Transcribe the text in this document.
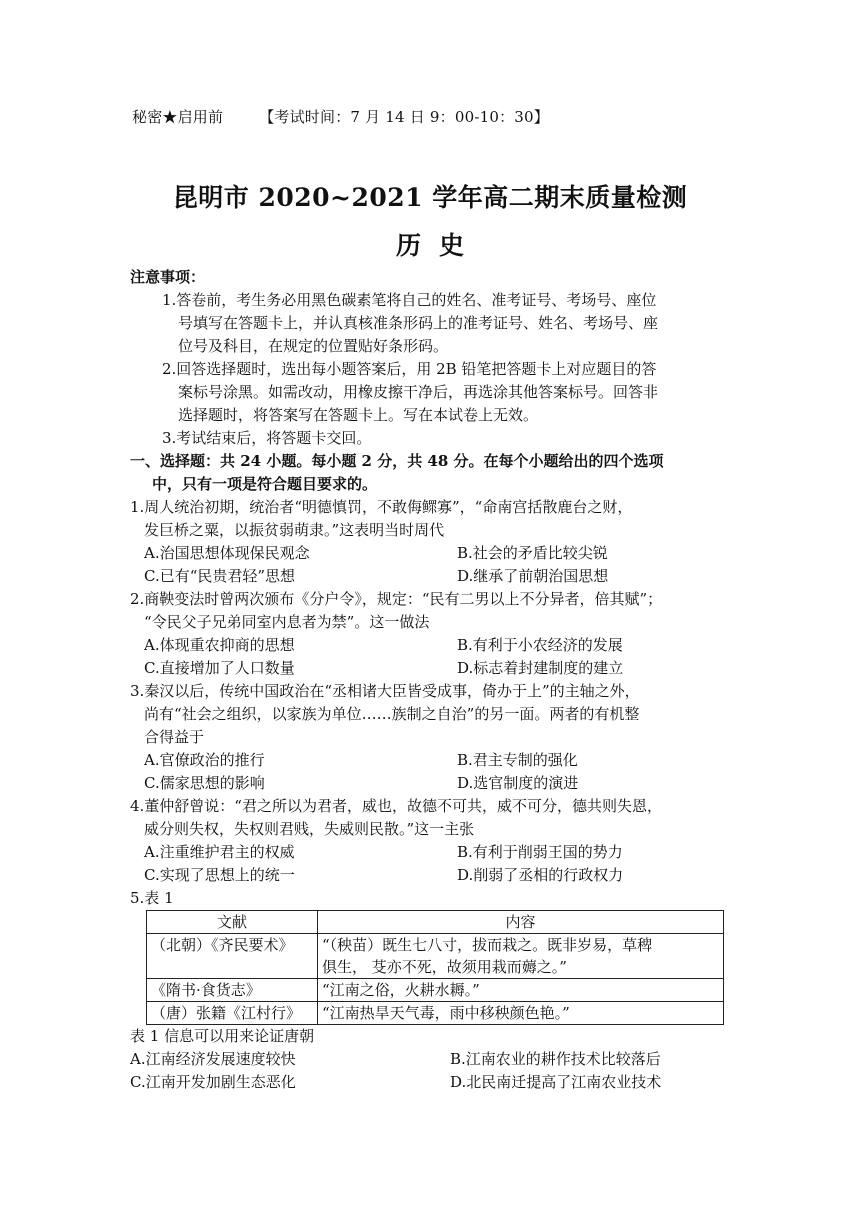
秘密★启用前 【考试时间：7 月 14 日 9：00-10：30】
昆明市 2020~2021 学年高二期末质量检测
历史
注意事项：
1.答卷前，考生务必用黑色碳素笔将自己的姓名、准考证号、考场号、座位
号填写在答题卡上，并认真核准条形码上的准考证号、姓名、考场号、座
位号及科目，在规定的位置贴好条形码。
2.回答选择题时，选出每小题答案后，用 2B 铅笔把答题卡上对应题目的答
案标号涂黑。如需改动，用橡皮擦干净后，再选涂其他答案标号。回答非
选择题时，将答案写在答题卡上。写在本试卷上无效。
3.考试结束后，将答题卡交回。
一、选择题：共 24 小题。每小题 2 分，共 48 分。在每个小题给出的四个选项
中，只有一项是符合题目要求的。
1.周人统治初期，统治者“明德慎罚，不敢侮鳏寡”，“命南宫括散鹿台之财，
发巨桥之粟，以振贫弱萌隶。”这表明当时周代
A.治国思想体现保民观念	B.社会的矛盾比较尖锐
C.已有“民贵君轻”思想	D.继承了前朝治国思想
2.商鞅变法时曾两次颁布《分户令》，规定：“民有二男以上不分异者，倍其赋”；
“令民父子兄弟同室内息者为禁”。这一做法
A.体现重农抑商的思想	B.有利于小农经济的发展
C.直接增加了人口数量	D.标志着封建制度的建立
3.秦汉以后，传统中国政治在“丞相诸大臣皆受成事，倚办于上”的主轴之外，
尚有“社会之组织，以家族为单位……族制之自治”的另一面。两者的有机整
合得益于
A.官僚政治的推行	B.君主专制的强化
C.儒家思想的影响	D.选官制度的演进
4.董仲舒曾说：“君之所以为君者，威也，故德不可共，威不可分，德共则失恩，
威分则失权，失权则君贱，失威则民散。”这一主张
A.注重维护君主的权威	B.有利于削弱王国的势力
C.实现了思想上的统一	D.削弱了丞相的行政权力
5.表 1
文献	内容
（北朝）《齐民要术》	“（秧苗）既生七八寸，拔而栽之。既非岁易，草稗
俱生， 芟亦不死，故须用栽而薅之。”

《隋书·食货志》	“江南之俗，火耕水耨。”

（唐）张籍《江村行》	“江南热旱天气毒，雨中移秧颜色艳。”
表 1 信息可以用来论证唐朝
A.江南经济发展速度较快	B.江南农业的耕作技术比较落后
C.江南开发加剧生态恶化	D.北民南迁提高了江南农业技术
